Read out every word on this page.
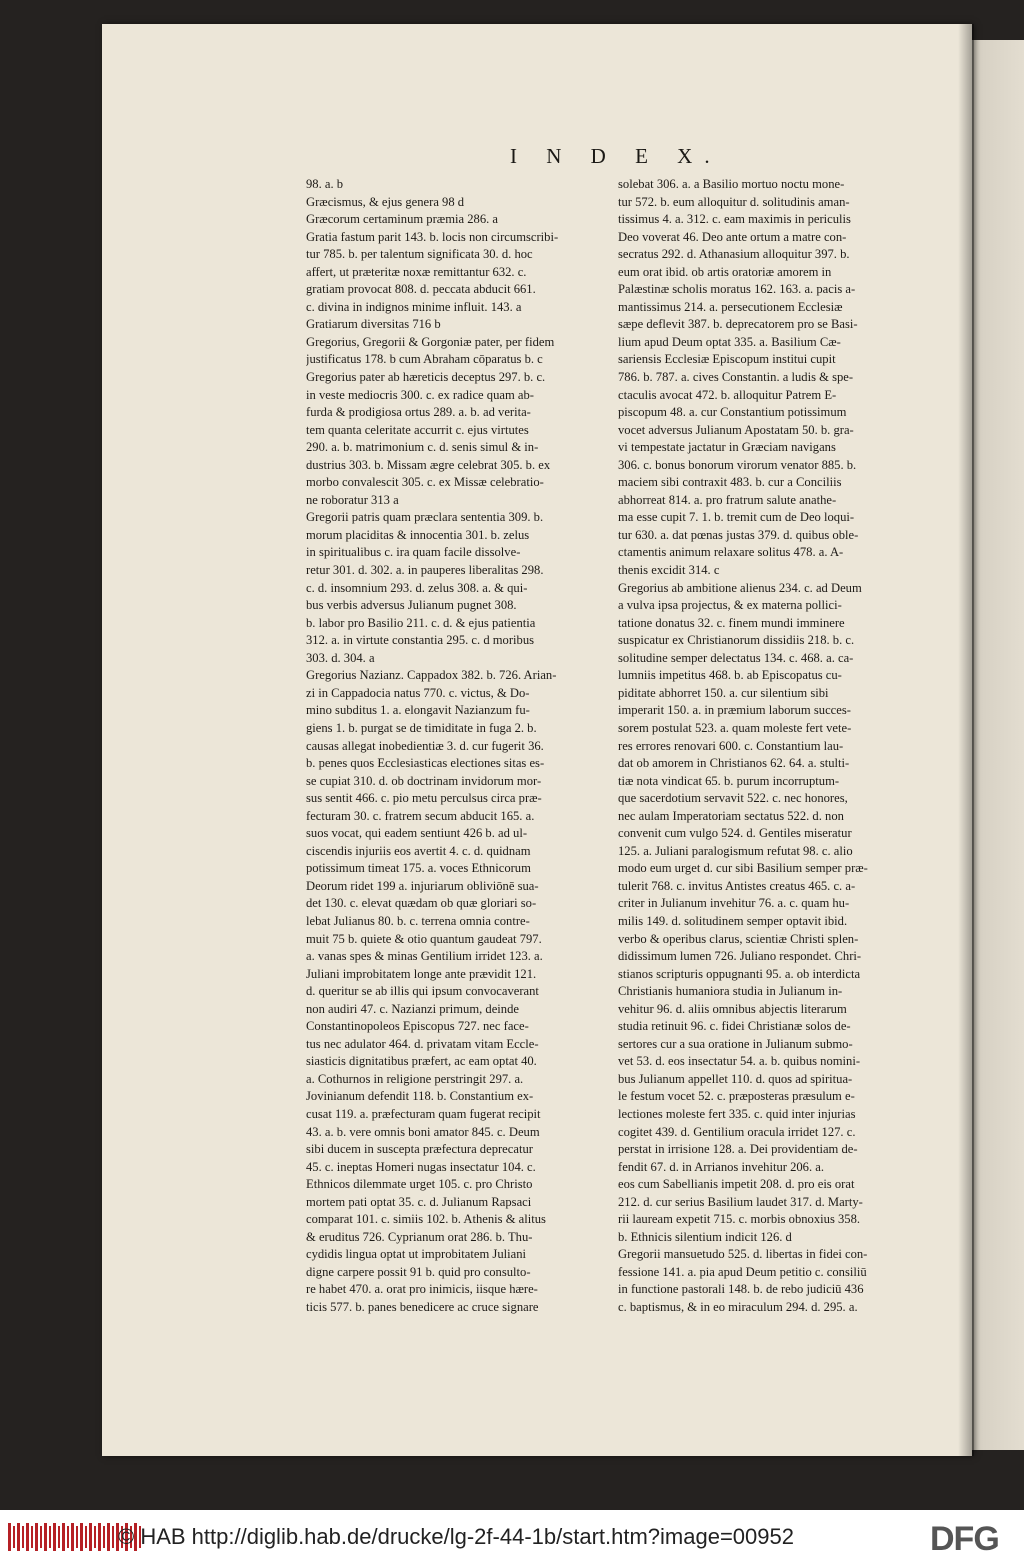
I N D E X.
98. a. b
Græcismus, & ejus genera 98 d
Græcorum certaminum præmia 286. a
Gratia fastum parit 143. b. locis non circumscribi-
tur 785. b. per talentum significata 30. d. hoc
affert, ut præteritæ noxæ remittantur 632. c.
gratiam provocat 808. d. peccata abducit 661.
c. divina in indignos minime influit. 143. a
Gratiarum diversitas 716 b
Gregorius, Gregorii & Gorgoniæ pater, per fidem
justificatus 178. b cum Abraham cōparatus b. c
Gregorius pater ab hæreticis deceptus 297. b. c.
in veste mediocris 300. c. ex radice quam ab-
furda & prodigiosa ortus 289. a. b. ad verita-
tem quanta celeritate accurrit c. ejus virtutes
290. a. b. matrimonium c. d. senis simul & in-
dustrius 303. b. Missam ægre celebrat 305. b. ex
morbo convalescit 305. c. ex Missæ celebratio-
ne roboratur 313 a
Gregorii patris quam præclara sententia 309. b.
morum placiditas & innocentia 301. b. zelus
in spiritualibus c. ira quam facile dissolve-
retur 301. d. 302. a. in pauperes liberalitas 298.
c. d. insomnium 293. d. zelus 308. a. & qui-
bus verbis adversus Julianum pugnet 308.
b. labor pro Basilio 211. c. d. & ejus patientia
312. a. in virtute constantia 295. c. d moribus
303. d. 304. a
Gregorius Nazianz. Cappadox 382. b. 726. Arian-
zi in Cappadocia natus 770. c. victus, & Do-
mino subditus 1. a. elongavit Nazianzum fu-
giens 1. b. purgat se de timiditate in fuga 2. b.
causas allegat inobedientiæ 3. d. cur fugerit 36.
b. penes quos Ecclesiasticas electiones sitas es-
se cupiat 310. d. ob doctrinam invidorum mor-
sus sentit 466. c. pio metu perculsus circa præ-
fecturam 30. c. fratrem secum abducit 165. a.
suos vocat, qui eadem sentiunt 426 b. ad ul-
ciscendis injuriis eos avertit 4. c. d. quidnam
potissimum timeat 175. a. voces Ethnicorum
Deorum ridet 199 a. injuriarum obliviōnē sua-
det 130. c. elevat quædam ob quæ gloriari so-
lebat Julianus 80. b. c. terrena omnia contre-
muit 75 b. quiete & otio quantum gaudeat 797.
a. vanas spes & minas Gentilium irridet 123. a.
Juliani improbitatem longe ante prævidit 121.
d. queritur se ab illis qui ipsum convocaverant
non audiri 47. c. Nazianzi primum, deinde
Constantinopoleos Episcopus 727. nec face-
tus nec adulator 464. d. privatam vitam Eccle-
siasticis dignitatibus præfert, ac eam optat 40.
a. Cothurnos in religione perstringit 297. a.
Jovinianum defendit 118. b. Constantium ex-
cusat 119. a. præfecturam quam fugerat recipit
43. a. b. vere omnis boni amator 845. c. Deum
sibi ducem in suscepta præfectura deprecatur
45. c. ineptas Homeri nugas insectatur 104. c.
Ethnicos dilemmate urget 105. c. pro Christo
mortem pati optat 35. c. d. Julianum Rapsaci
comparat 101. c. simiis 102. b. Athenis & alitus
& eruditus 726. Cyprianum orat 286. b. Thu-
cydidis lingua optat ut improbitatem Juliani
digne carpere possit 91 b. quid pro consulto-
re habet 470. a. orat pro inimicis, iisque hære-
ticis 577. b. panes benedicere ac cruce signare
solebat 306. a. a Basilio mortuo noctu mone-
tur 572. b. eum alloquitur d. solitudinis aman-
tissimus 4. a. 312. c. eam maximis in periculis
Deo voverat 46. Deo ante ortum a matre con-
secratus 292. d. Athanasium alloquitur 397. b.
eum orat ibid. ob artis oratoriæ amorem in
Palæstinæ scholis moratus 162. 163. a. pacis a-
mantissimus 214. a. persecutionem Ecclesiæ
sæpe deflevit 387. b. deprecatorem pro se Basi-
lium apud Deum optat 335. a. Basilium Cæ-
sariensis Ecclesiæ Episcopum institui cupit
786. b. 787. a. cives Constantin. a ludis & spe-
ctaculis avocat 472. b. alloquitur Patrem E-
piscopum 48. a. cur Constantium potissimum
vocet adversus Julianum Apostatam 50. b. gra-
vi tempestate jactatur in Græciam navigans
306. c. bonus bonorum virorum venator 885. b.
maciem sibi contraxit 483. b. cur a Conciliis
abhorreat 814. a. pro fratrum salute anathe-
ma esse cupit 7. 1. b. tremit cum de Deo loqui-
tur 630. a. dat pœnas justas 379. d. quibus oble-
ctamentis animum relaxare solitus 478. a. A-
thenis excidit 314. c
Gregorius ab ambitione alienus 234. c. ad Deum
a vulva ipsa projectus, & ex materna pollici-
tatione donatus 32. c. finem mundi imminere
suspicatur ex Christianorum dissidiis 218. b. c.
solitudine semper delectatus 134. c. 468. a. ca-
lumniis impetitus 468. b. ab Episcopatus cu-
piditate abhorret 150. a. cur silentium sibi
imperarit 150. a. in præmium laborum succes-
sorem postulat 523. a. quam moleste fert vete-
res errores renovari 600. c. Constantium lau-
dat ob amorem in Christianos 62. 64. a. stulti-
tiæ nota vindicat 65. b. purum incorruptum-
que sacerdotium servavit 522. c. nec honores,
nec aulam Imperatoriam sectatus 522. d. non
convenit cum vulgo 524. d. Gentiles miseratur
125. a. Juliani paralogismum refutat 98. c. alio
modo eum urget d. cur sibi Basilium semper præ-
tulerit 768. c. invitus Antistes creatus 465. c. a-
criter in Julianum invehitur 76. a. c. quam hu-
milis 149. d. solitudinem semper optavit ibid.
verbo & operibus clarus, scientiæ Christi splen-
didissimum lumen 726. Juliano respondet. Chri-
stianos scripturis oppugnanti 95. a. ob interdicta
Christianis humaniora studia in Julianum in-
vehitur 96. d. aliis omnibus abjectis literarum
studia retinuit 96. c. fidei Christianæ solos de-
sertores cur a sua oratione in Julianum submo-
vet 53. d. eos insectatur 54. a. b. quibus nomini-
bus Julianum appellet 110. d. quos ad spiritua-
le festum vocet 52. c. præposteras præsulum e-
lectiones moleste fert 335. c. quid inter injurias
cogitet 439. d. Gentilium oracula irridet 127. c.
perstat in irrisione 128. a. Dei providentiam de-
fendit 67. d. in Arrianos invehitur 206. a.
eos cum Sabellianis impetit 208. d. pro eis orat
212. d. cur serius Basilium laudet 317. d. Marty-
rii lauream expetit 715. c. morbis obnoxius 358.
b. Ethnicis silentium indicit 126. d
Gregorii mansuetudo 525. d. libertas in fidei con-
fessione 141. a. pia apud Deum petitio c. consiliū
in functione pastorali 148. b. de rebo judiciū 436
c. baptismus, & in eo miraculum 294. d. 295. a.
© HAB http://diglib.hab.de/drucke/lg-2f-44-1b/start.htm?image=00952	DFG
